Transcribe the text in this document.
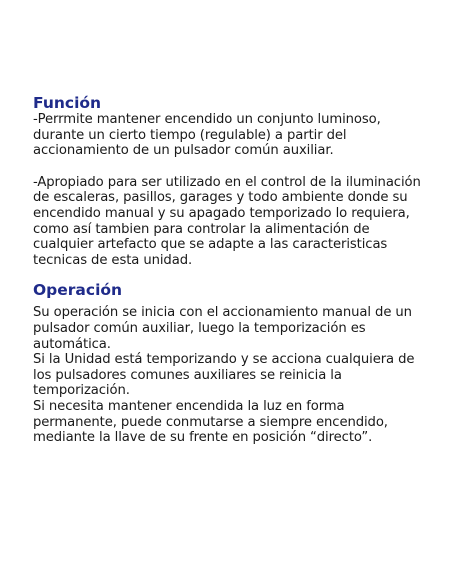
Función

-Perrmite mantener encendido un conjunto luminoso, durante un cierto tiempo (regulable) a partir del accionamiento de un pulsador común auxiliar.

-Apropiado para ser utilizado en el control de la iluminación de escaleras, pasillos, garages y todo ambiente donde su encendido manual y su apagado temporizado lo requiera, como así tambien para controlar la alimentación de cualquier artefacto que se adapte a las caracteristicas tecnicas de esta unidad.

Operación

Su operación se inicia con el accionamiento manual de un pulsador común auxiliar, luego la temporización es automática.

Si la Unidad está temporizando y se acciona cualquiera de los pulsadores comunes auxiliares se reinicia la temporización.

Si necesita mantener encendida la luz en forma permanente, puede conmutarse a siempre encendido, mediante la llave de su frente en posición “directo”.
